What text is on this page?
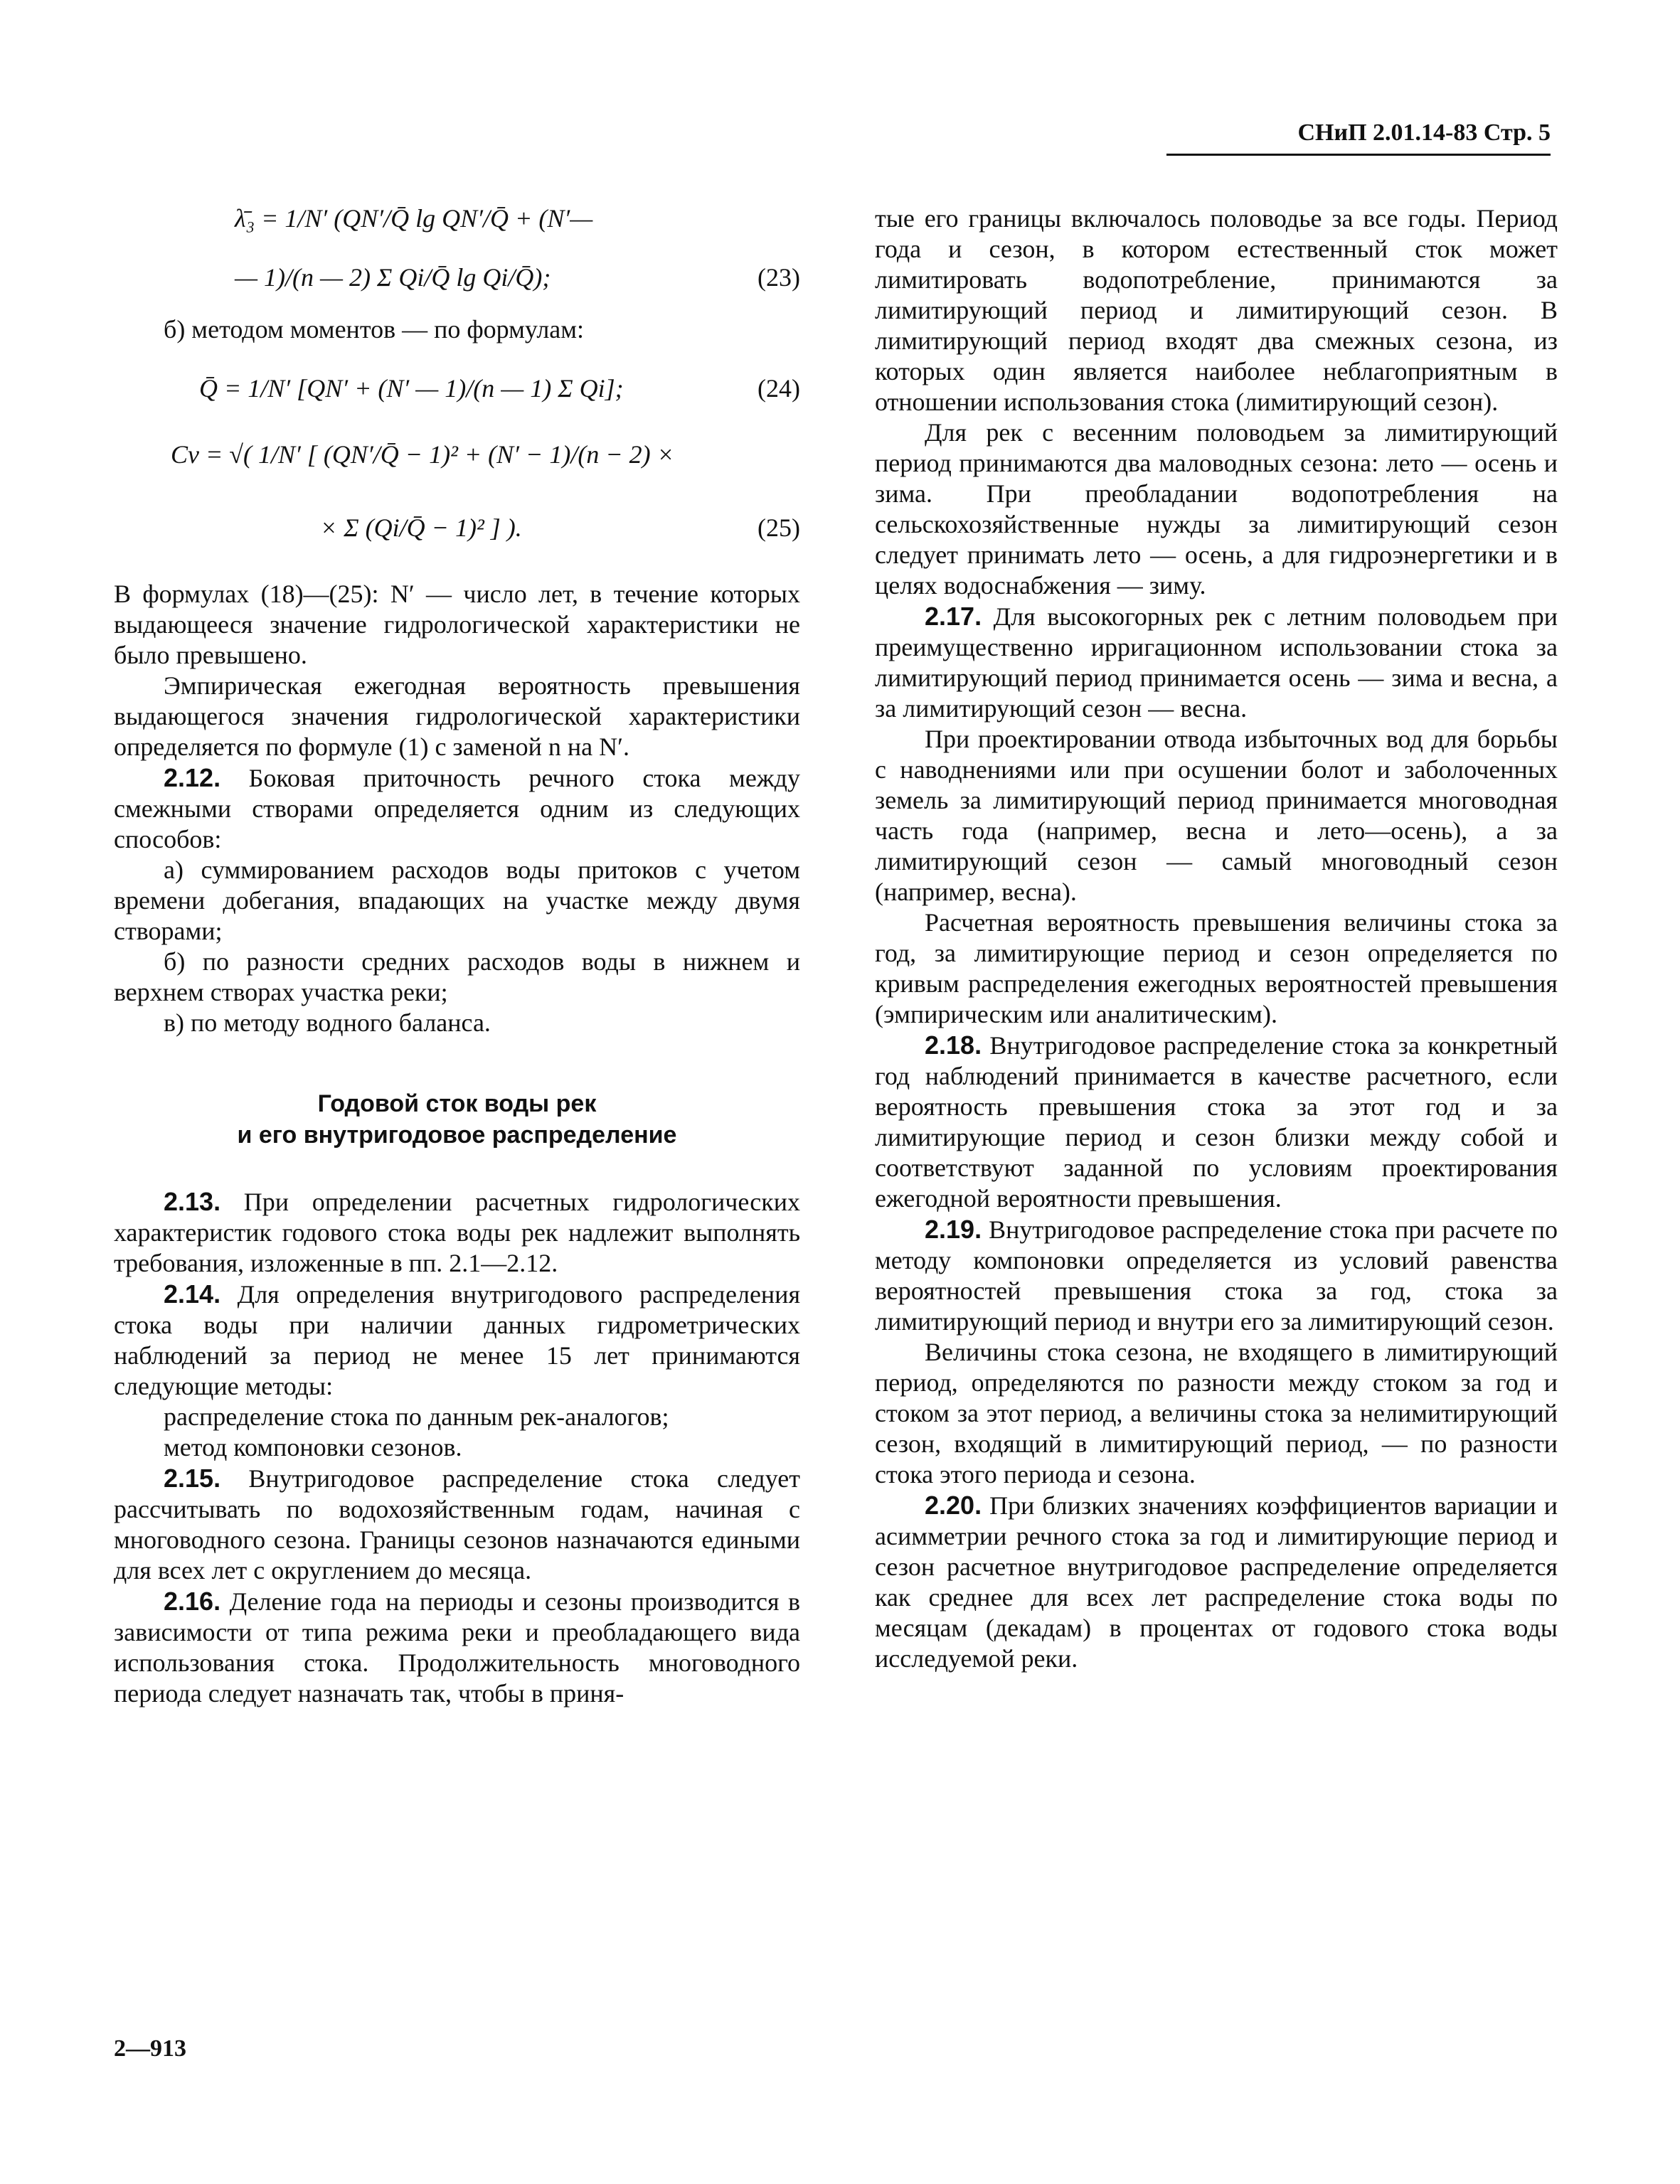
СНиП 2.01.14-83 Стр. 5
λ̄₃ = 1/N′ (QN′/Q̄ lg QN′/Q̄ + (N′—
— 1)/(n — 2) Σ Qi/Q̄ lg Qi/Q̄);	(23)

б) методом моментов — по формулам:

Q̄ = 1/N′ [QN′ + (N′ — 1)/(n — 1) Σ Qi];	(24)
Cv = √( 1/N′ [ (QN′/Q̄ − 1)² + (N′ − 1)/(n − 2) ×
× Σ (Qi/Q̄ − 1)² ] ).	(25)

В формулах (18)—(25): N′ — число лет, в течение которых выдающееся значение гидрологической характеристики не было превышено.

Эмпирическая ежегодная вероятность превышения выдающегося значения гидрологической характеристики определяется по формуле (1) с заменой n на N′.

2.12. Боковая приточность речного стока между смежными створами определяется одним из следующих способов:

а) суммированием расходов воды притоков с учетом времени добегания, впадающих на участке между двумя створами;

б) по разности средних расходов воды в нижнем и верхнем створах участка реки;

в) по методу водного баланса.

Годовой сток воды рек
и его внутригодовое распределение

2.13. При определении расчетных гидрологических характеристик годового стока воды рек надлежит выполнять требования, изложенные в пп. 2.1—2.12.

2.14. Для определения внутригодового распределения стока воды при наличии данных гидрометрических наблюдений за период не менее 15 лет принимаются следующие методы:

распределение стока по данным рек-аналогов;

метод компоновки сезонов.

2.15. Внутригодовое распределение стока следует рассчитывать по водохозяйственным годам, начиная с многоводного сезона. Границы сезонов назначаются едиными для всех лет с округлением до месяца.

2.16. Деление года на периоды и сезоны производится в зависимости от типа режима реки и преобладающего вида использования стока. Продолжительность многоводного периода следует назначать так, чтобы в приня-

тые его границы включалось половодье за все годы. Период года и сезон, в котором естественный сток может лимитировать водопотребление, принимаются за лимитирующий период и лимитирующий сезон. В лимитирующий период входят два смежных сезона, из которых один является наиболее неблагоприятным в отношении использования стока (лимитирующий сезон).

Для рек с весенним половодьем за лимитирующий период принимаются два маловодных сезона: лето — осень и зима. При преобладании водопотребления на сельскохозяйственные нужды за лимитирующий сезон следует принимать лето — осень, а для гидроэнергетики и в целях водоснабжения — зиму.

2.17. Для высокогорных рек с летним половодьем при преимущественно ирригационном использовании стока за лимитирующий период принимается осень — зима и весна, а за лимитирующий сезон — весна.

При проектировании отвода избыточных вод для борьбы с наводнениями или при осушении болот и заболоченных земель за лимитирующий период принимается многоводная часть года (например, весна и лето—осень), а за лимитирующий сезон — самый многоводный сезон (например, весна).

Расчетная вероятность превышения величины стока за год, за лимитирующие период и сезон определяется по кривым распределения ежегодных вероятностей превышения (эмпирическим или аналитическим).

2.18. Внутригодовое распределение стока за конкретный год наблюдений принимается в качестве расчетного, если вероятность превышения стока за этот год и за лимитирующие период и сезон близки между собой и соответствуют заданной по условиям проектирования ежегодной вероятности превышения.

2.19. Внутригодовое распределение стока при расчете по методу компоновки определяется из условий равенства вероятностей превышения стока за год, стока за лимитирующий период и внутри его за лимитирующий сезон.

Величины стока сезона, не входящего в лимитирующий период, определяются по разности между стоком за год и стоком за этот период, а величины стока за нелимитирующий сезон, входящий в лимитирующий период, — по разности стока этого периода и сезона.

2.20. При близких значениях коэффициентов вариации и асимметрии речного стока за год и лимитирующие период и сезон расчетное внутригодовое распределение определяется как среднее для всех лет распределение стока воды по месяцам (декадам) в процентах от годового стока воды исследуемой реки.

2—913
